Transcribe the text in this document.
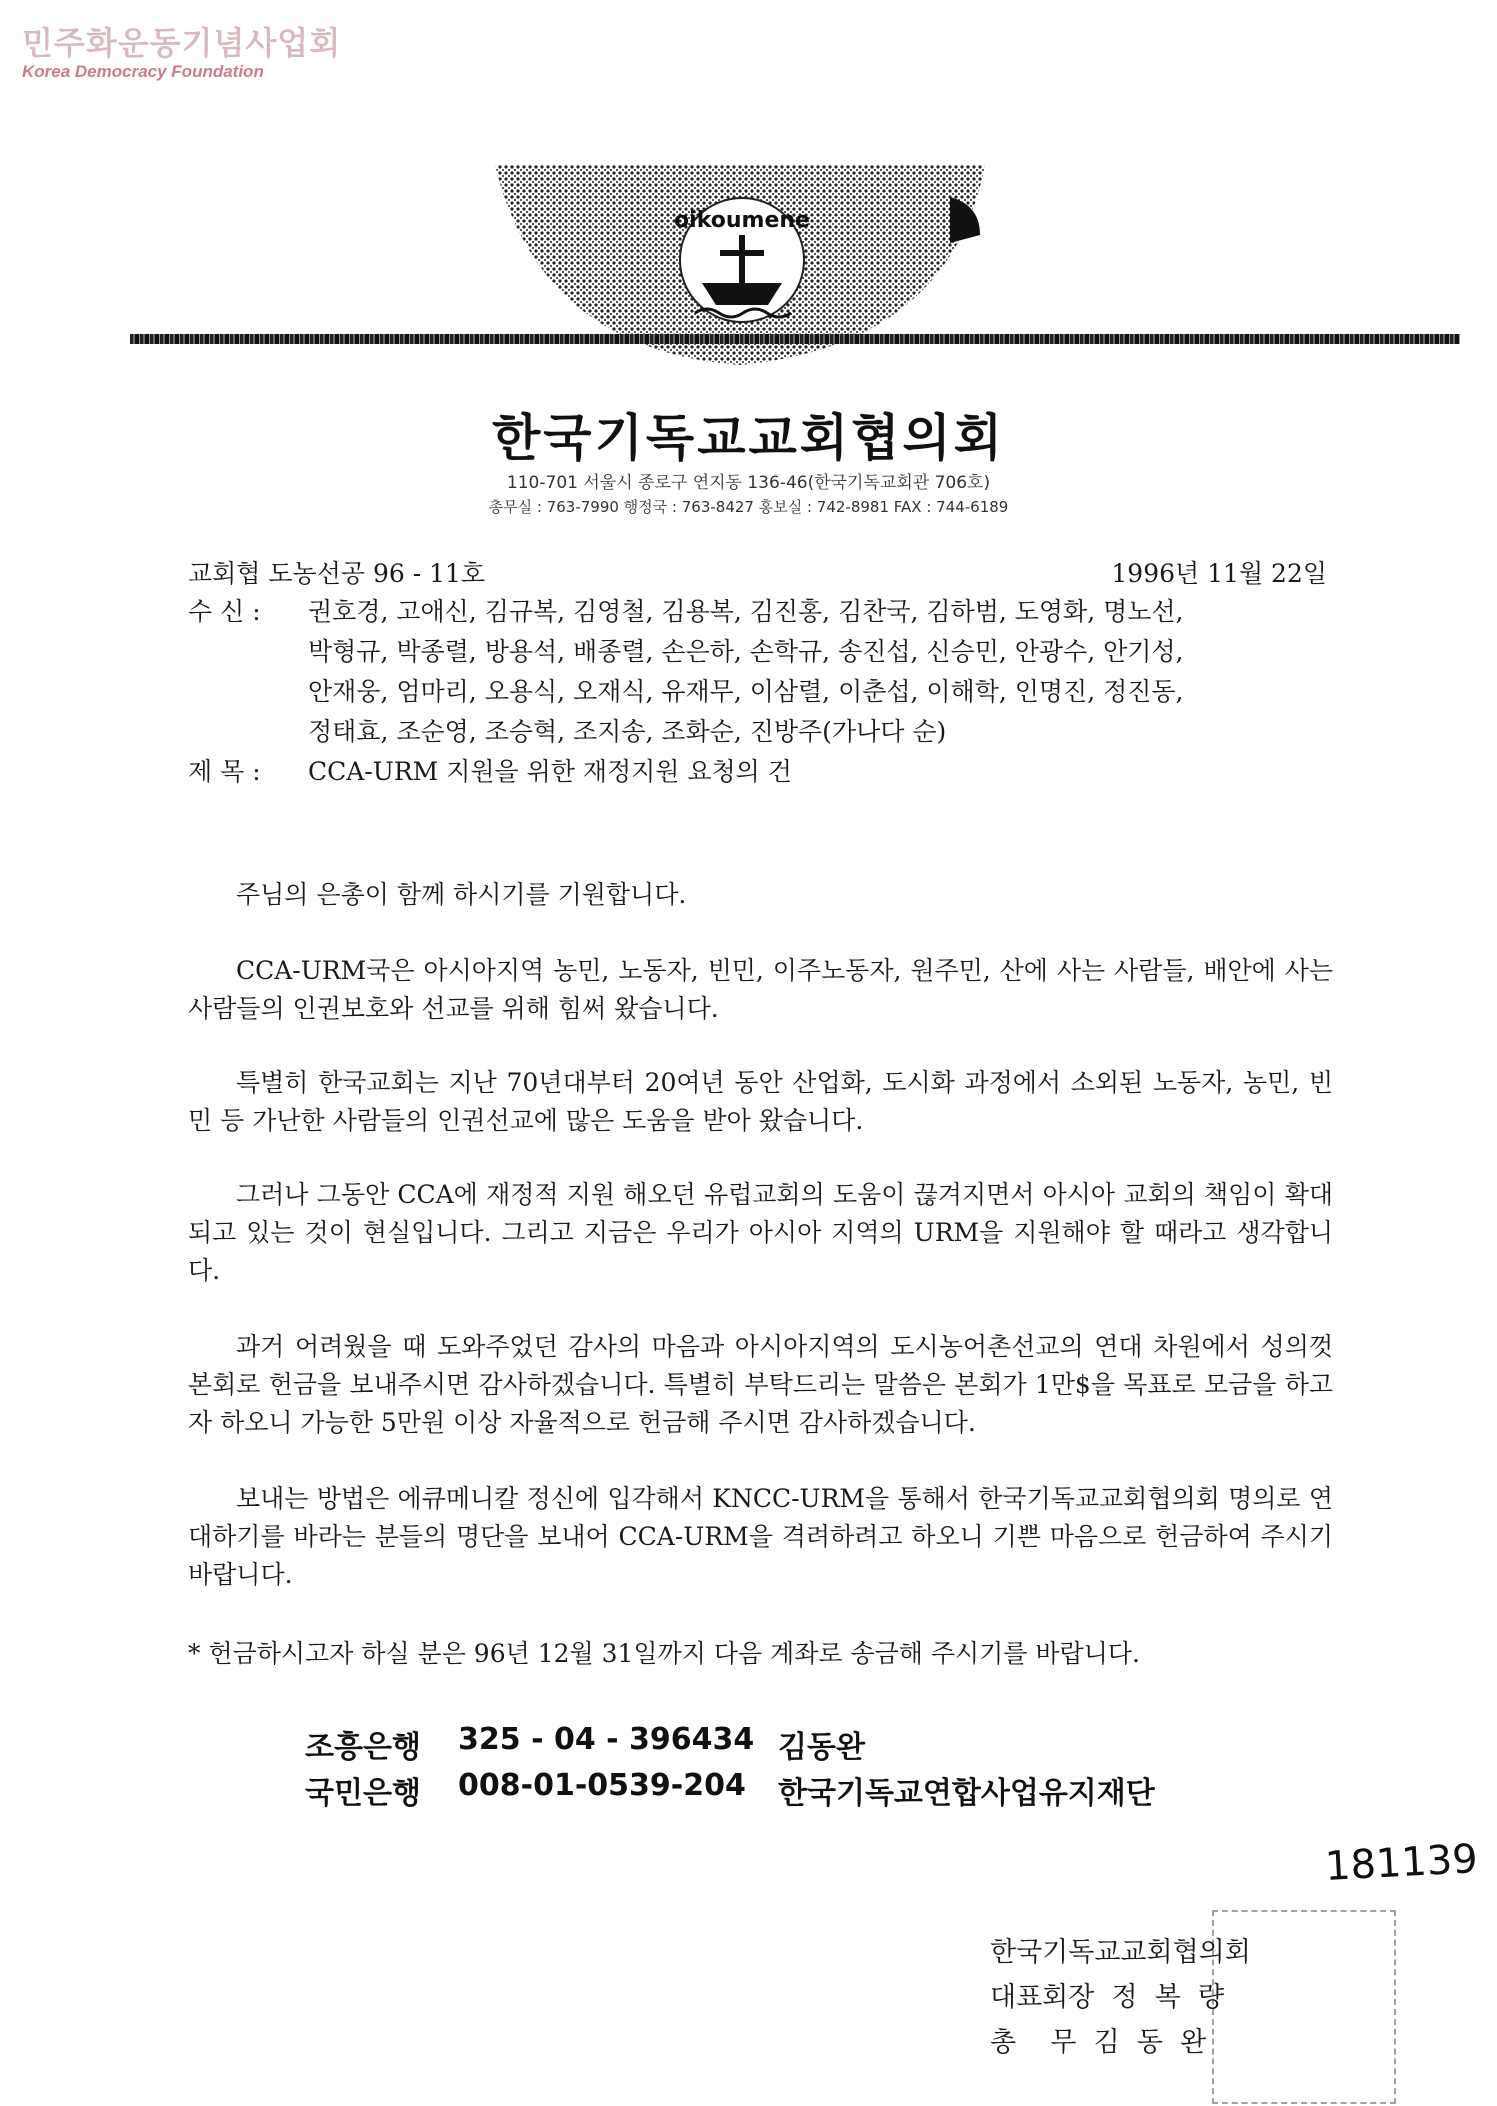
민주화운동기념사업회
Korea Democracy Foundation
oikoumene
한국기독교교회협의회
110-701 서울시 종로구 연지동 136-46(한국기독교회관 706호)
총무실 : 763-7990 행정국 : 763-8427 홍보실 : 742-8981 FAX : 744-6189
교회협 도농선공 96 - 11호	1996년 11월 22일
수 신 :	권호경, 고애신, 김규복, 김영철, 김용복, 김진홍, 김찬국, 김하범, 도영화, 명노선,
박형규, 박종렬, 방용석, 배종렬, 손은하, 손학규, 송진섭, 신승민, 안광수, 안기성,
안재웅, 엄마리, 오용식, 오재식, 유재무, 이삼렬, 이춘섭, 이해학, 인명진, 정진동,
정태효, 조순영, 조승혁, 조지송, 조화순, 진방주(가나다 순)
제 목 :	CCA-URM 지원을 위한 재정지원 요청의 건
주님의 은총이 함께 하시기를 기원합니다.
CCA-URM국은 아시아지역 농민, 노동자, 빈민, 이주노동자, 원주민, 산에 사는 사람들, 배안에 사는 사람들의 인권보호와 선교를 위해 힘써 왔습니다.
특별히 한국교회는 지난 70년대부터 20여년 동안 산업화, 도시화 과정에서 소외된 노동자, 농민, 빈민 등 가난한 사람들의 인권선교에 많은 도움을 받아 왔습니다.
그러나 그동안 CCA에 재정적 지원 해오던 유럽교회의 도움이 끊겨지면서 아시아 교회의 책임이 확대되고 있는 것이 현실입니다. 그리고 지금은 우리가 아시아 지역의 URM을 지원해야 할 때라고 생각합니다.
과거 어려웠을 때 도와주었던 감사의 마음과 아시아지역의 도시농어촌선교의 연대 차원에서 성의껏 본회로 헌금을 보내주시면 감사하겠습니다. 특별히 부탁드리는 말씀은 본회가 1만$을 목표로 모금을 하고자 하오니 가능한 5만원 이상 자율적으로 헌금해 주시면 감사하겠습니다.
보내는 방법은 에큐메니칼 정신에 입각해서 KNCC-URM을 통해서 한국기독교교회협의회 명의로 연대하기를 바라는 분들의 명단을 보내어 CCA-URM을 격려하려고 하오니 기쁜 마음으로 헌금하여 주시기 바랍니다.
* 헌금하시고자 하실 분은 96년 12월 31일까지 다음 계좌로 송금해 주시기를 바랍니다.
조흥은행 325 - 04 - 396434 김동완
국민은행 008-01-0539-204 한국기독교연합사업유지재단
181139
한국기독교교회협의회
대표회장  정  복  량
총    무  김  동  완
